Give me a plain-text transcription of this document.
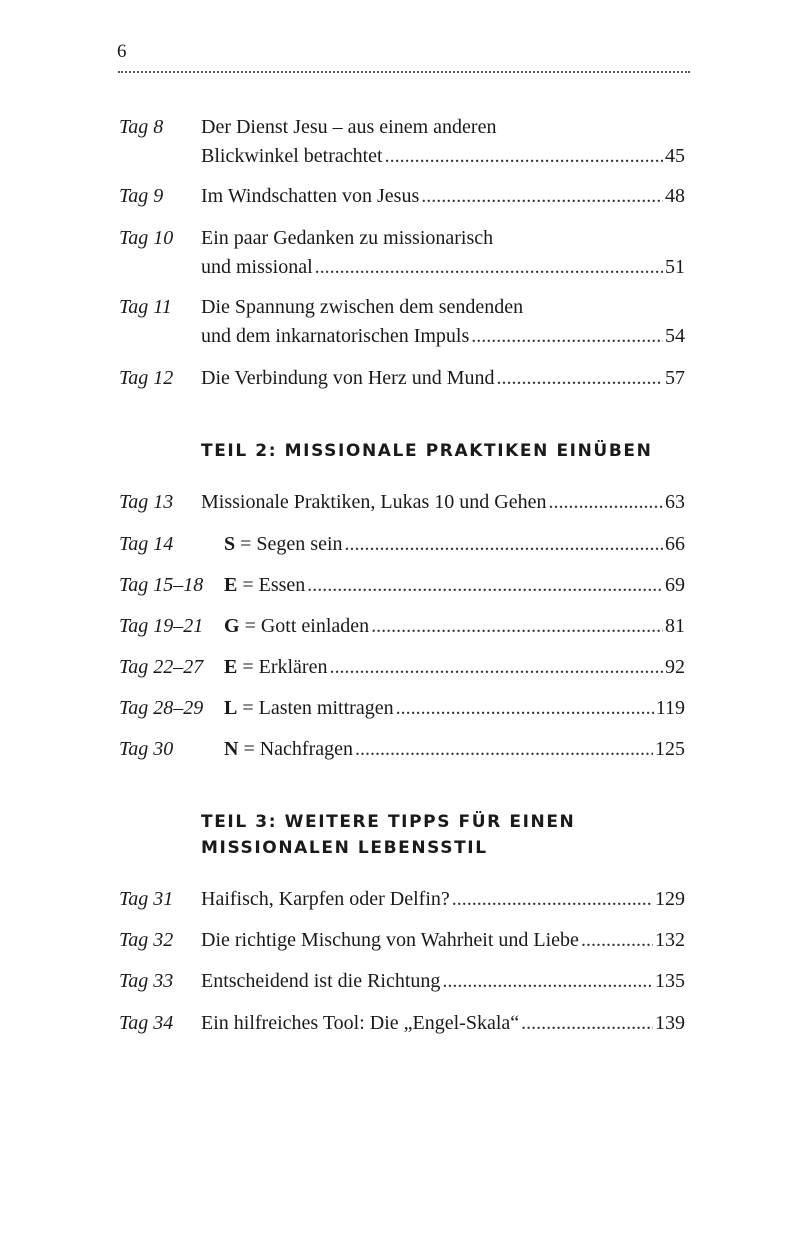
6
Tag 8 Der Dienst Jesu – aus einem anderen
Blickwinkel betrachtet .....	45
Tag 9 Im Windschatten von Jesus .....	48
Tag 10 Ein paar Gedanken zu missionarisch
und missional .....	51
Tag 11 Die Spannung zwischen dem sendenden
und dem inkarnatorischen Impuls .....	54
Tag 12 Die Verbindung von Herz und Mund .....	57
TEIL 2: MISSIONALE PRAKTIKEN EINÜBEN
Tag 13 Missionale Praktiken, Lukas 10 und Gehen .....	63
Tag 14	S = Segen sein .....	66
Tag 15–18 E = Essen .....	69
Tag 19–21 G = Gott einladen .....	81
Tag 22–27 E = Erklären .....	92
Tag 28–29 L = Lasten mittragen .....	119
Tag 30	N = Nachfragen .....	125
TEIL 3: WEITERE TIPPS FÜR EINEN
MISSIONALEN LEBENSSTIL
Tag 31 Haifisch, Karpfen oder Delfin? .....	129
Tag 32 Die richtige Mischung von Wahrheit und Liebe .....	132
Tag 33 Entscheidend ist die Richtung .....	135
Tag 34 Ein hilfreiches Tool: Die „Engel-Skala“ .....	139
